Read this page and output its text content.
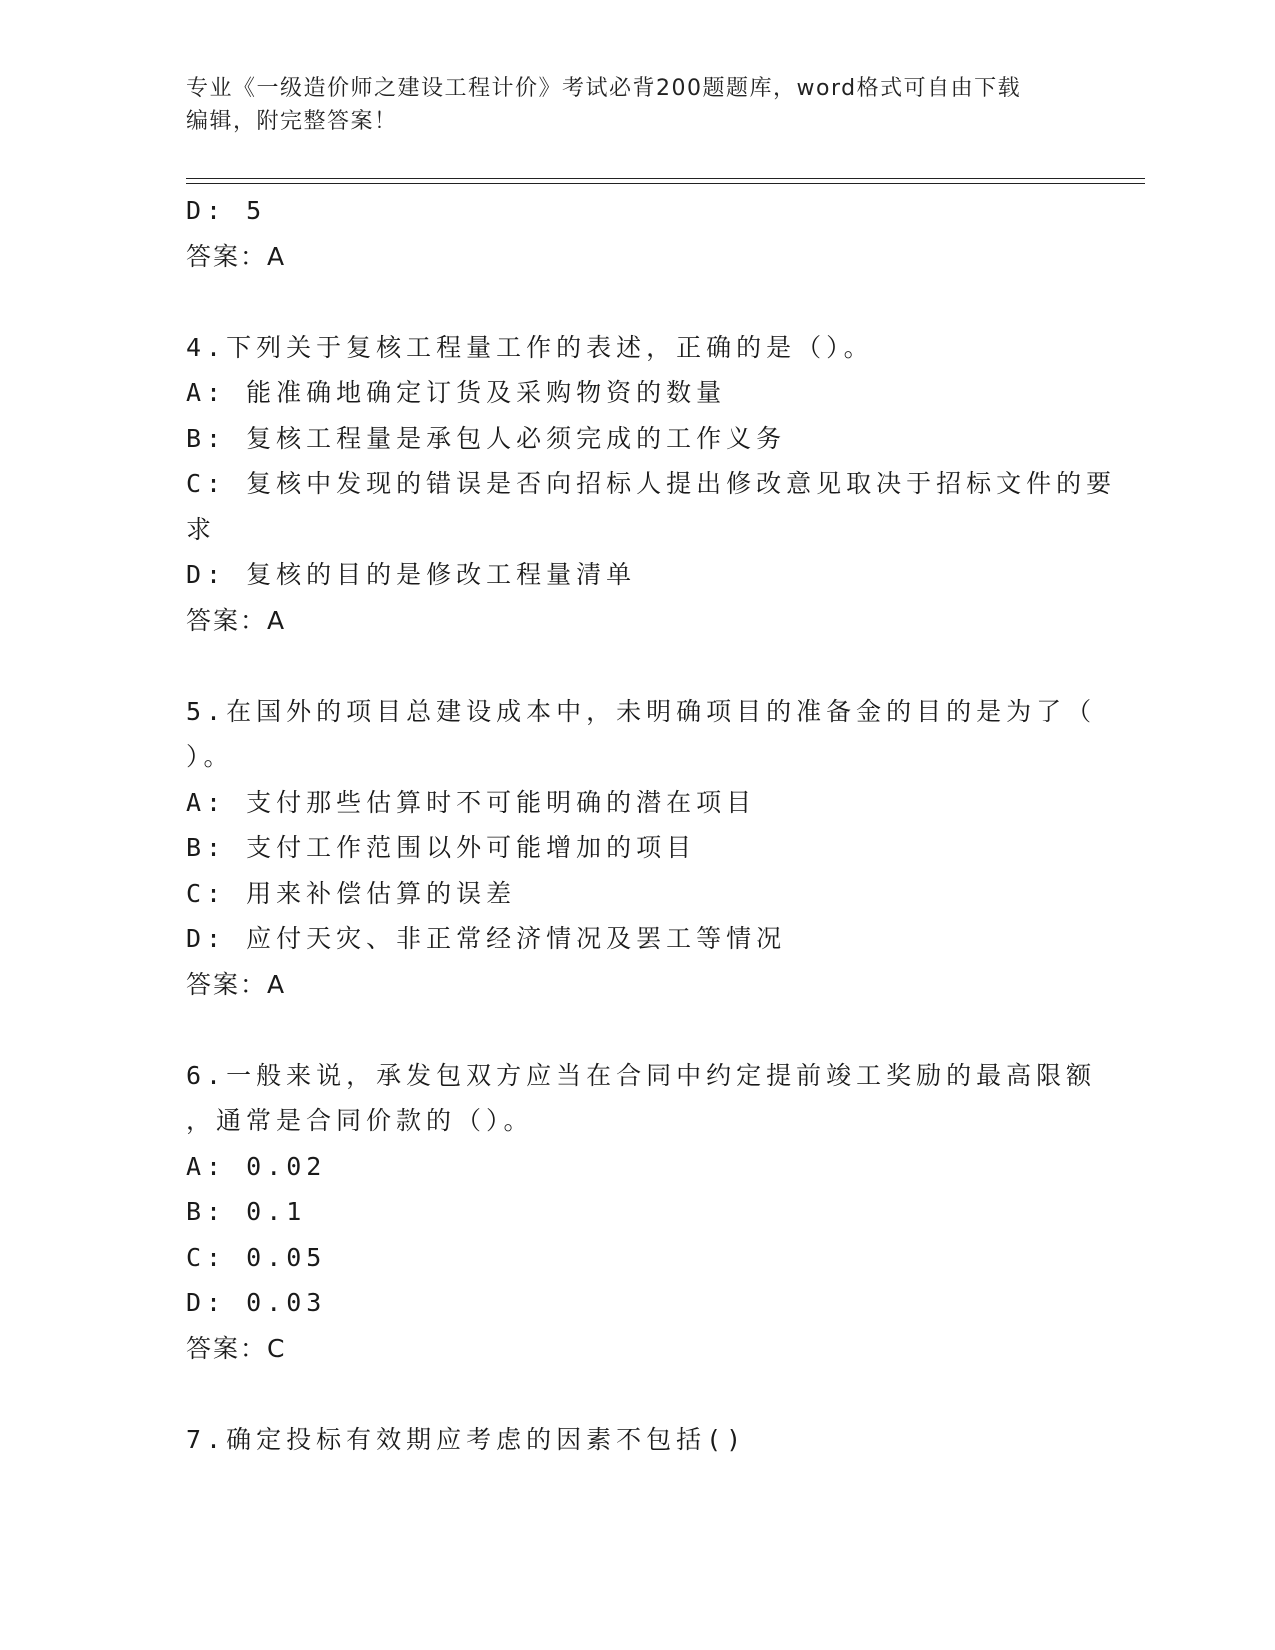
专业《一级造价师之建设工程计价》考试必背200题题库，word格式可自由下载
编辑，附完整答案！
D: 5
答案：A
4.下列关于复核工程量工作的表述，正确的是（）。
A: 能准确地确定订货及采购物资的数量
B: 复核工程量是承包人必须完成的工作义务
C: 复核中发现的错误是否向招标人提出修改意见取决于招标文件的要
求
D: 复核的目的是修改工程量清单
答案：A
5.在国外的项目总建设成本中，未明确项目的准备金的目的是为了（
）。
A: 支付那些估算时不可能明确的潜在项目
B: 支付工作范围以外可能增加的项目
C: 用来补偿估算的误差
D: 应付天灾、非正常经济情况及罢工等情况
答案：A
6.一般来说，承发包双方应当在合同中约定提前竣工奖励的最高限额
，通常是合同价款的（）。
A: 0.02
B: 0.1
C: 0.05
D: 0.03
答案：C
7.确定投标有效期应考虑的因素不包括()
